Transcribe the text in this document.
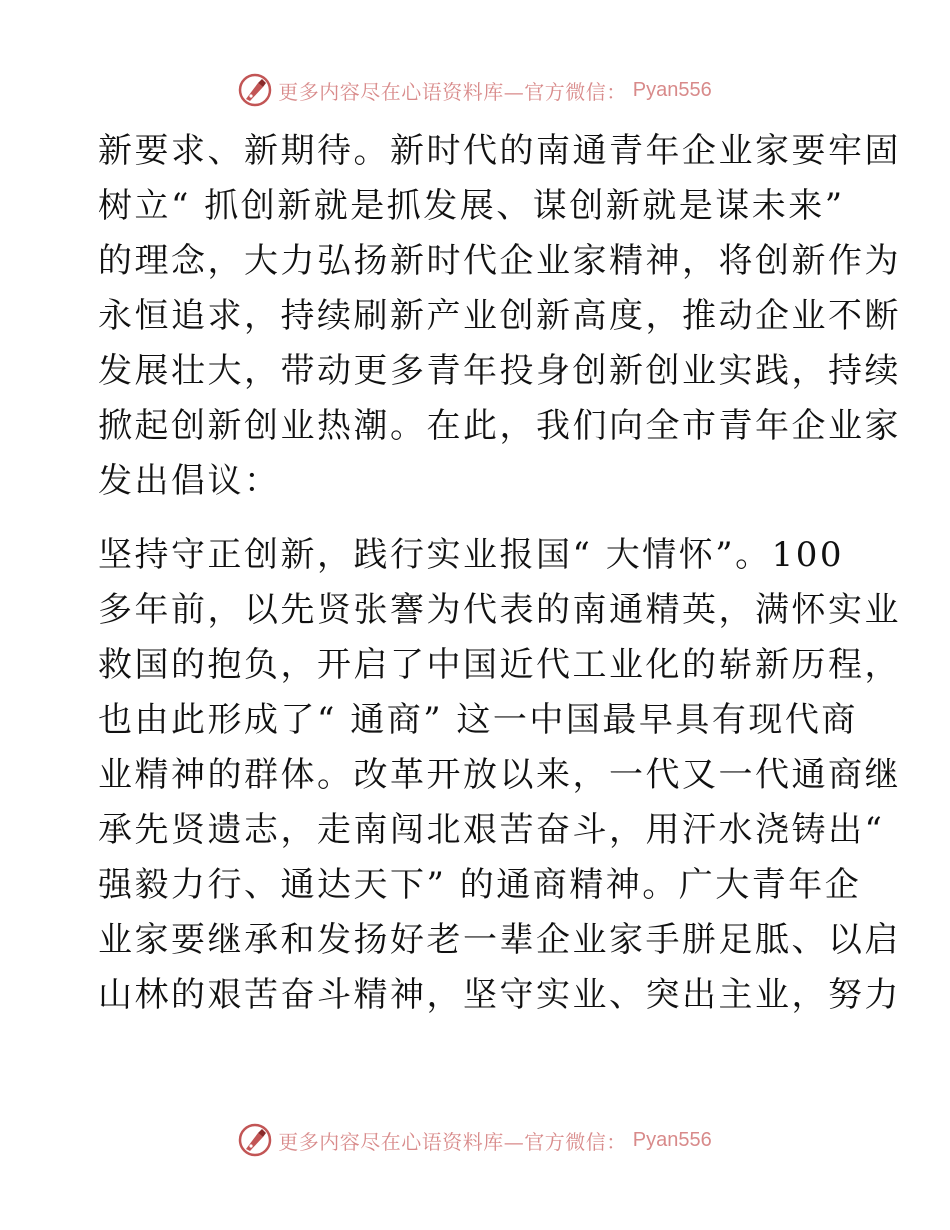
更多内容尽在心语资料库—官方微信： Pyan556
新要求、新期待。新时代的南通青年企业家要牢固
树立“ 抓创新就是抓发展、谋创新就是谋未来”
的理念，大力弘扬新时代企业家精神，将创新作为
永恒追求，持续刷新产业创新高度，推动企业不断
发展壮大，带动更多青年投身创新创业实践，持续
掀起创新创业热潮。在此，我们向全市青年企业家
发出倡议：
坚持守正创新，践行实业报国“ 大情怀”。100
多年前，以先贤张謇为代表的南通精英，满怀实业
救国的抱负，开启了中国近代工业化的崭新历程，
也由此形成了“ 通商” 这一中国最早具有现代商
业精神的群体。改革开放以来，一代又一代通商继
承先贤遗志，走南闯北艰苦奋斗，用汗水浇铸出“
强毅力行、通达天下” 的通商精神。广大青年企
业家要继承和发扬好老一辈企业家手胼足胝、以启
山林的艰苦奋斗精神，坚守实业、突出主业，努力
更多内容尽在心语资料库—官方微信： Pyan556
